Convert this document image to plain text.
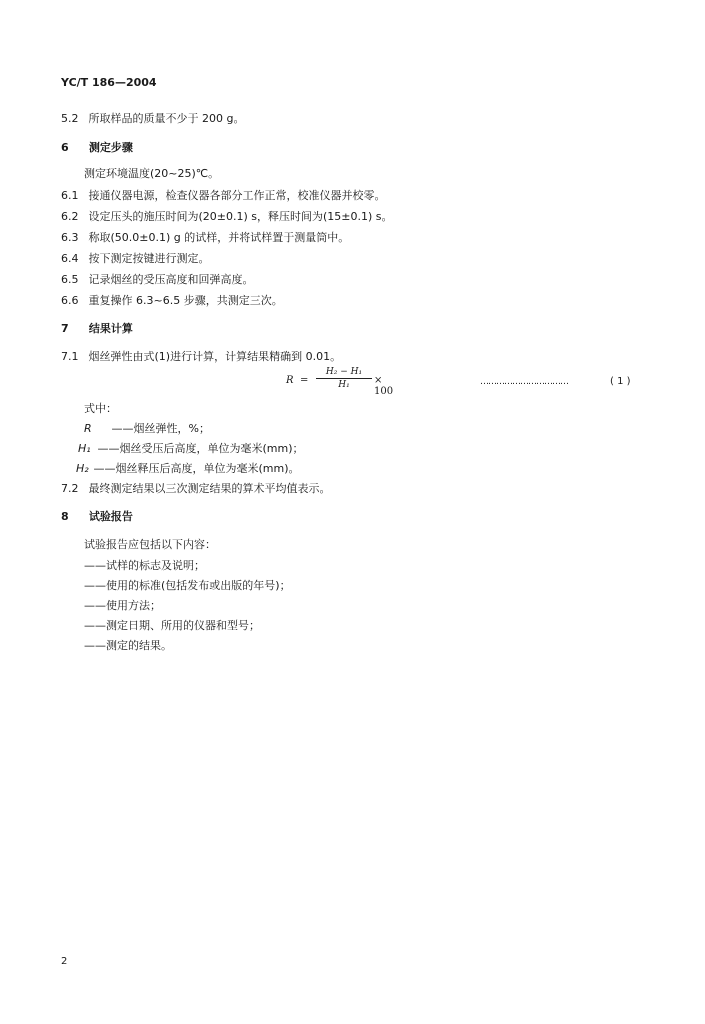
YC/T 186—2004
5.2 所取样品的质量不少于 200 g。
6 测定步骤
测定环境温度(20~25)℃。
6.1 接通仪器电源，检查仪器各部分工作正常，校准仪器并校零。
6.2 设定压头的施压时间为(20±0.1) s，释压时间为(15±0.1) s。
6.3 称取(50.0±0.1) g 的试样，并将试样置于测量筒中。
6.4 按下测定按键进行测定。
6.5 记录烟丝的受压高度和回弹高度。
6.6 重复操作 6.3~6.5 步骤，共测定三次。
7 结果计算
7.1 烟丝弹性由式(1)进行计算，计算结果精确到 0.01。
R =
H₂ − H₁
H₁	× 100
……………………………	( 1 )
式中：
R ——烟丝弹性，%；
H₁ ——烟丝受压后高度，单位为毫米(mm)；
H₂ ——烟丝释压后高度，单位为毫米(mm)。
7.2 最终测定结果以三次测定结果的算术平均值表示。
8 试验报告
试验报告应包括以下内容：
——试样的标志及说明；
——使用的标准(包括发布或出版的年号)；
——使用方法；
——测定日期、所用的仪器和型号；
——测定的结果。
2
